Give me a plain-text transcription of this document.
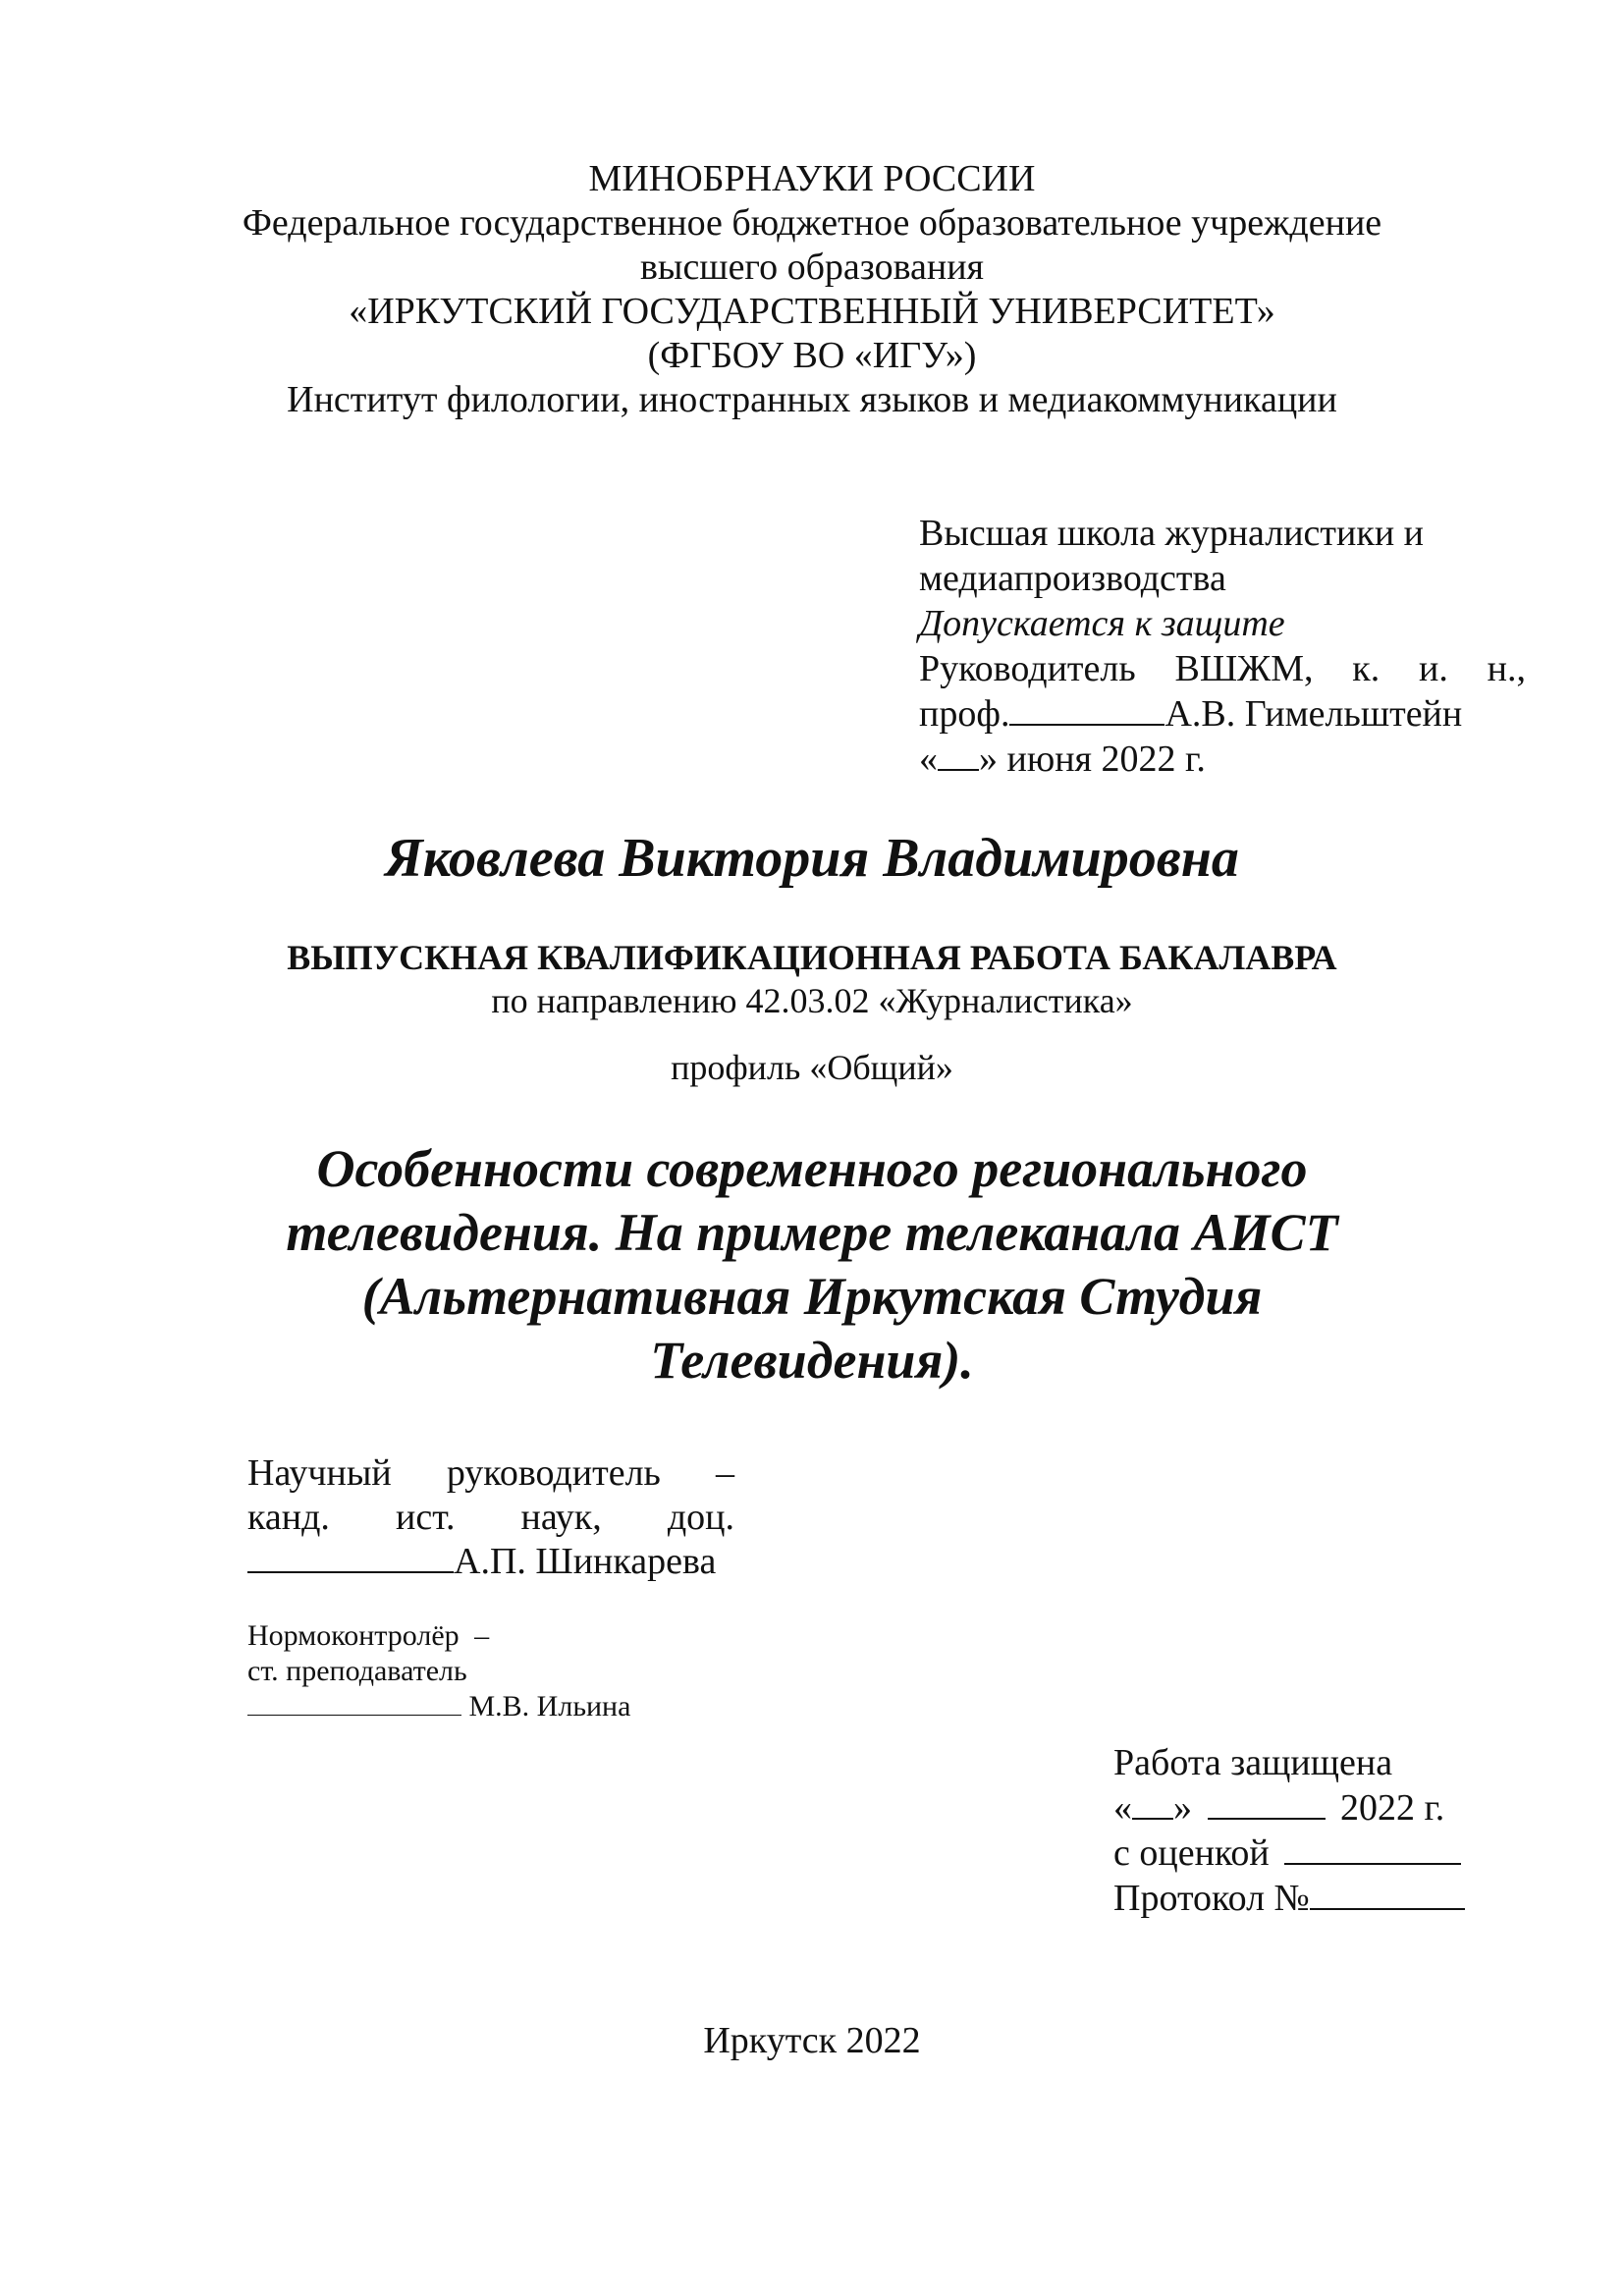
МИНОБРНАУКИ РОССИИ
Федеральное государственное бюджетное образовательное учреждение
высшего образования
«ИРКУТСКИЙ ГОСУДАРСТВЕННЫЙ УНИВЕРСИТЕТ»
(ФГБОУ ВО «ИГУ»)
Институт филологии, иностранных языков и медиакоммуникации
Высшая школа журналистики и
медиапроизводства
Допускается к защите
Руководитель ВШЖМ, к. и. н.,
проф.	А.В. Гимельштейн
« » июня 2022 г.
Яковлева Виктория Владимировна
ВЫПУСКНАЯ КВАЛИФИКАЦИОННАЯ РАБОТА БАКАЛАВРА
по направлению 42.03.02 «Журналистика»
профиль «Общий»
Особенности современного регионального
телевидения. На примере телеканала АИСТ
(Альтернативная Иркутская Студия
Телевидения).
Научный руководитель –
канд. ист. наук, доц.
А.П. Шинкарева
Нормоконтролёр –
ст. преподаватель
М.В. Ильина
Работа защищена
« »	2022 г.
с оценкой
Протокол №
Иркутск 2022
